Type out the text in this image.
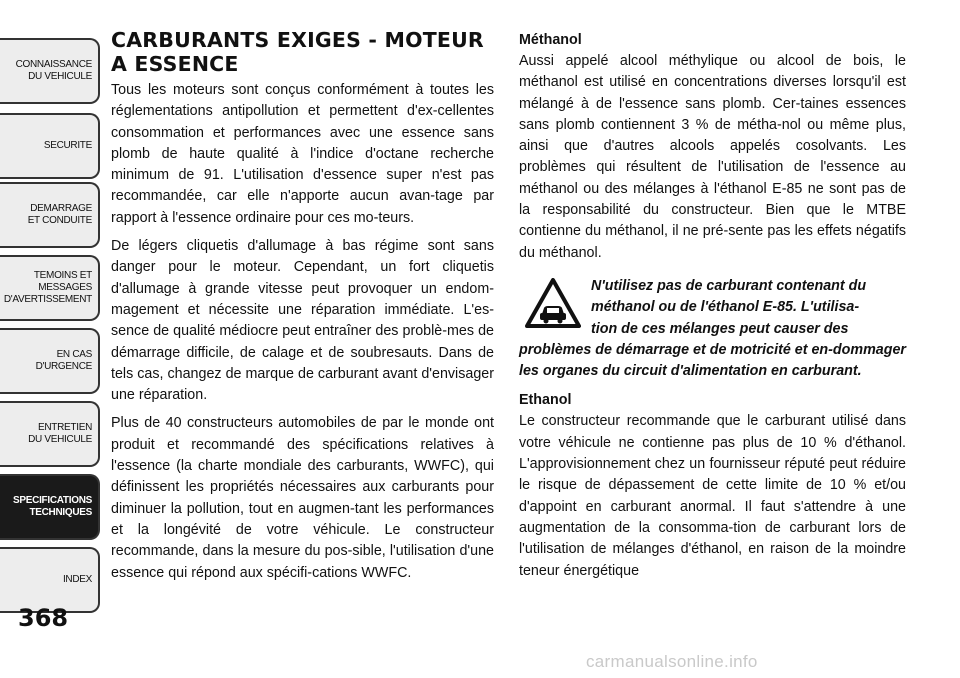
CONNAISSANCE
DU VEHICULE
SECURITE
DEMARRAGE
ET CONDUITE
TEMOINS ET
MESSAGES
D'AVERTISSEMENT
EN CAS
D'URGENCE
ENTRETIEN
DU VEHICULE
SPECIFICATIONS
TECHNIQUES
INDEX
368
CARBURANTS EXIGES - MOTEUR A ESSENCE

Tous les moteurs sont conçus conformément à toutes les réglementations antipollution et permettent d'ex-cellentes consommation et performances avec une essence sans plomb de haute qualité à l'indice d'octane recherche minimum de 91. L'utilisation d'essence super n'est pas recommandée, car elle n'apporte aucun avan-tage par rapport à l'essence ordinaire pour ces mo-teurs.

De légers cliquetis d'allumage à bas régime sont sans danger pour le moteur. Cependant, un fort cliquetis d'allumage à grande vitesse peut provoquer un endom-magement et nécessite une réparation immédiate. L'es-sence de qualité médiocre peut entraîner des problè-mes de démarrage difficile, de calage et de soubresauts. Dans de tels cas, changez de marque de carburant avant d'envisager une réparation.

Plus de 40 constructeurs automobiles de par le monde ont produit et recommandé des spécifications relatives à l'essence (la charte mondiale des carburants, WWFC), qui définissent les propriétés nécessaires aux carburants pour diminuer la pollution, tout en augmen-tant les performances et la longévité de votre véhicule. Le constructeur recommande, dans la mesure du pos-sible, l'utilisation d'une essence qui répond aux spécifi-cations WWFC.

Méthanol

Aussi appelé alcool méthylique ou alcool de bois, le méthanol est utilisé en concentrations diverses lorsqu'il est mélangé à de l'essence sans plomb. Cer-taines essences sans plomb contiennent 3 % de métha-nol ou même plus, ainsi que d'autres alcools appelés cosolvants. Les problèmes qui résultent de l'utilisation de l'essence au méthanol ou des mélanges à l'éthanol E-85 ne sont pas de la responsabilité du constructeur. Bien que le MTBE contienne du méthanol, il ne pré-sente pas les effets négatifs du méthanol.

N'utilisez pas de carburant contenant du
méthanol ou de l'éthanol E-85. L'utilisa-
tion de ces mélanges peut causer des
problèmes de démarrage et de motricité et en-dommager les organes du circuit d'alimentation en carburant.
Ethanol

Le constructeur recommande que le carburant utilisé dans votre véhicule ne contienne pas plus de 10 % d'éthanol. L'approvisionnement chez un fournisseur réputé peut réduire le risque de dépassement de cette limite de 10 % et/ou d'appoint en carburant anormal. Il faut s'attendre à une augmentation de la consomma-tion de carburant lors de l'utilisation de mélanges d'éthanol, en raison de la moindre teneur énergétique

carmanualsonline.info
